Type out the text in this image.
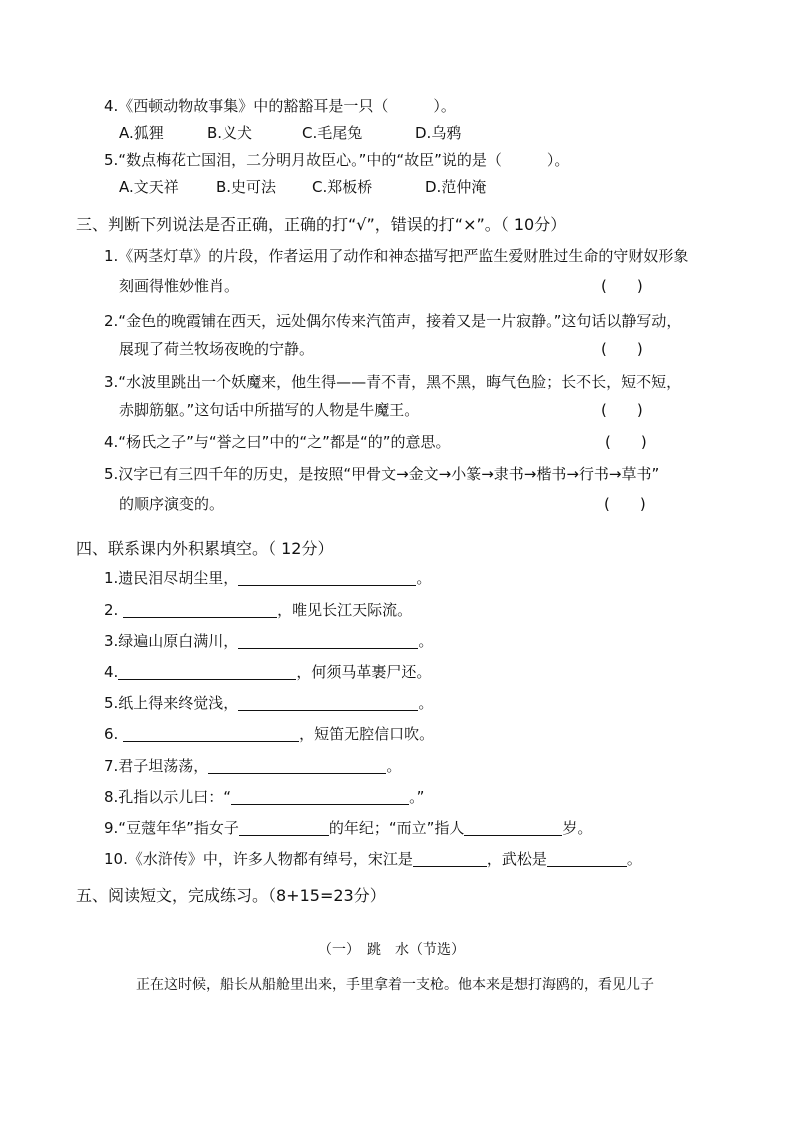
4.《西顿动物故事集》中的豁豁耳是一只（　　　）。
A.狐狸	B.义犬	C.毛尾兔	D.乌鸦
5.“数点梅花亡国泪，二分明月故臣心。”中的“故臣”说的是（　　　）。
A.文天祥 B.史可法 C.郑板桥	D.范仲淹
三、判断下列说法是否正确，正确的打“√”，错误的打“×”。（ 10分）
1.《两茎灯草》的片段，作者运用了动作和神态描写把严监生爱财胜过生命的守财奴形象
刻画得惟妙惟肖。	(　　)
2.“金色的晚霞铺在西天，远处偶尔传来汽笛声，接着又是一片寂静。”这句话以静写动，
展现了荷兰牧场夜晚的宁静。	(　　)
3.“水波里跳出一个妖魔来，他生得——青不青，黑不黑，晦气色脸；长不长，短不短，
赤脚筋躯。”这句话中所描写的人物是牛魔王。	(　　)
4.“杨氏之子”与“誉之曰”中的“之”都是“的”的意思。	(　　)
5.汉字已有三四千年的历史，是按照“甲骨文→金文→小篆→隶书→楷书→行书→草书”
的顺序演变的。	(　　)
四、联系课内外积累填空。（ 12分）
1.遗民泪尽胡尘里，	。
2.	，唯见长江天际流。
3.绿遍山原白满川，	。
4.	，何须马革裹尸还。
5.纸上得来终觉浅，	。
6.	，短笛无腔信口吹。
7.君子坦荡荡，	。
8.孔指以示儿曰：“	。”
9.“豆蔻年华”指女子	的年纪；“而立”指人	岁。
10.《水浒传》中，许多人物都有绰号，宋江是	，武松是	。
五、阅读短文，完成练习。（8+15=23分）
（一）　跳　水（节选）
正在这时候，船长从船舱里出来，手里拿着一支枪。他本来是想打海鸥的，看见儿子
